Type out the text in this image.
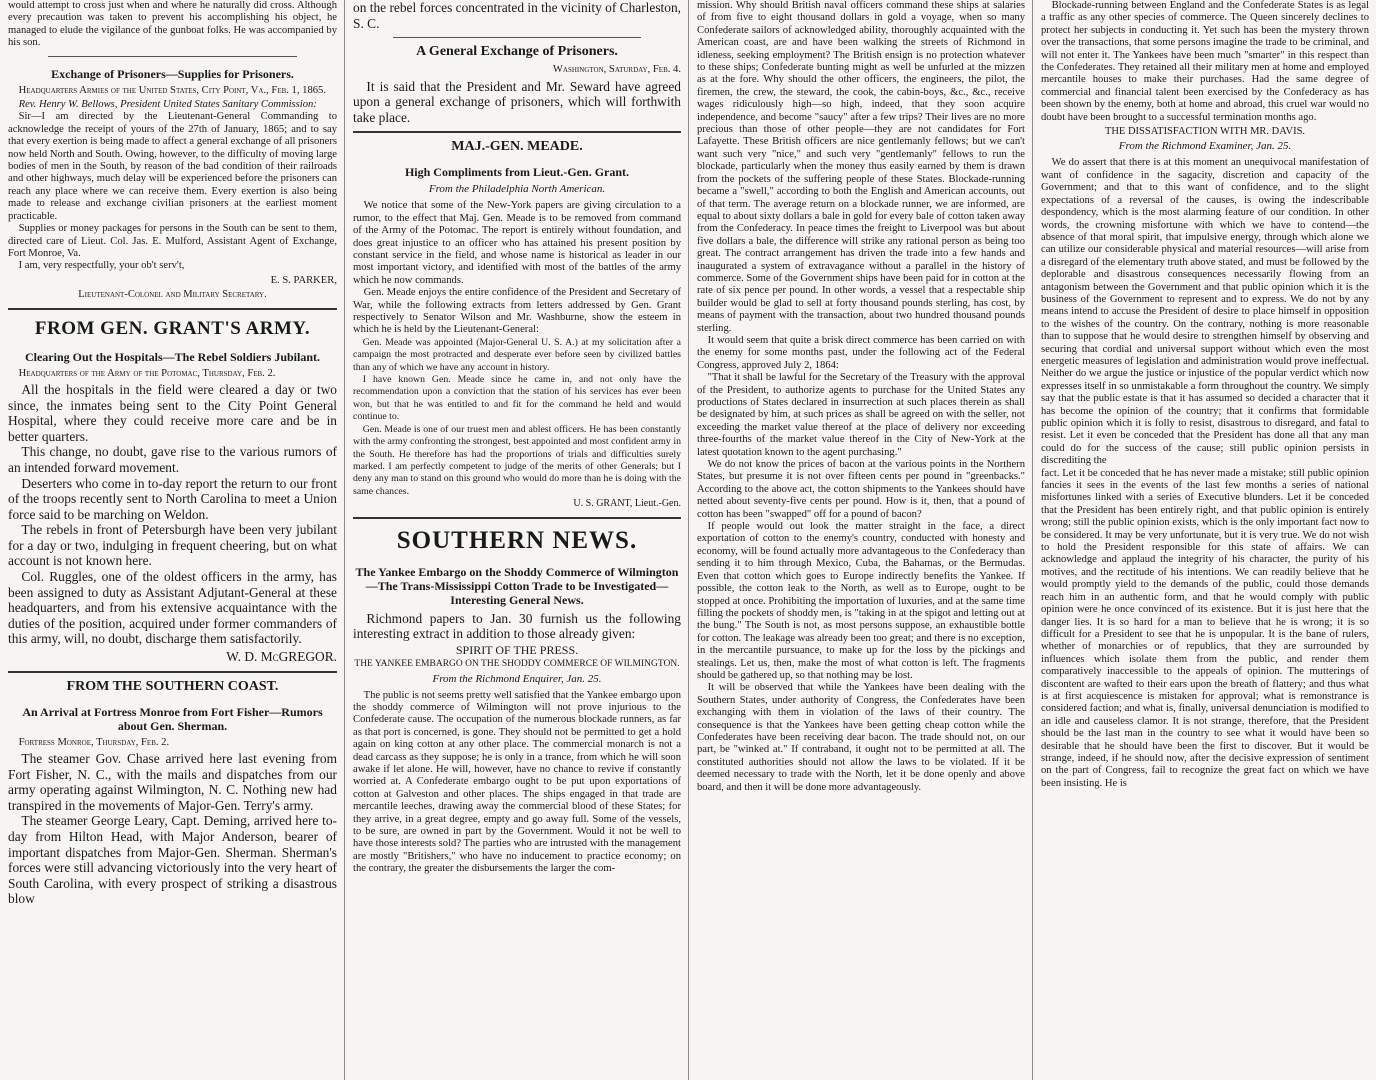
would attempt to cross just when and where he naturally did cross. Although every precaution was taken to prevent his accomplishing his object, he managed to elude the vigilance of the gunboat folks. He was accompanied by his son.

Exchange of Prisoners—Supplies for Prisoners.
Headquarters Armies of the United States, City Point, Va., Feb. 1, 1865.

Rev. Henry W. Bellows, President United States Sanitary Commission:

Sir—I am directed by the Lieutenant-General Commanding to acknowledge the receipt of yours of the 27th of January, 1865; and to say that every exertion is being made to affect a general exchange of all prisoners now held North and South. Owing, however, to the difficulty of moving large bodies of men in the South, by reason of the bad condition of their railroads and other highways, much delay will be experienced before the prisoners can reach any place where we can receive them. Every exertion is also being made to release and exchange civilian prisoners at the earliest moment practicable.

Supplies or money packages for persons in the South can be sent to them, directed care of Lieut. Col. Jas. E. Mulford, Assistant Agent of Exchange, Fort Monroe, Va.

I am, very respectfully, your ob't serv't,

E. S. PARKER,
Lieutenant-Colonel and Military Secretary.
FROM GEN. GRANT'S ARMY.
Clearing Out the Hospitals—The Rebel Soldiers Jubilant.
Headquarters of the Army of the Potomac, Thursday, Feb. 2.

All the hospitals in the field were cleared a day or two since, the inmates being sent to the City Point General Hospital, where they could receive more care and be in better quarters.

This change, no doubt, gave rise to the various rumors of an intended forward movement.

Deserters who come in to-day report the return to our front of the troops recently sent to North Carolina to meet a Union force said to be marching on Weldon.

The rebels in front of Petersburgh have been very jubilant for a day or two, indulging in frequent cheering, but on what account is not known here.

Col. Ruggles, one of the oldest officers in the army, has been assigned to duty as Assistant Adjutant-General at these headquarters, and from his extensive acquaintance with the duties of the position, acquired under former commanders of this army, will, no doubt, discharge them satisfactorily.

W. D. McGREGOR.
FROM THE SOUTHERN COAST.
An Arrival at Fortress Monroe from Fort Fisher—Rumors about Gen. Sherman.
Fortress Monroe, Thursday, Feb. 2.

The steamer Gov. Chase arrived here last evening from Fort Fisher, N. C., with the mails and dispatches from our army operating against Wilmington, N. C. Nothing new had transpired in the movements of Major-Gen. Terry's army.

The steamer George Leary, Capt. Deming, arrived here to-day from Hilton Head, with Major Anderson, bearer of important dispatches from Major-Gen. Sherman. Sherman's forces were still advancing victoriously into the very heart of South Carolina, with every prospect of striking a disastrous blow

on the rebel forces concentrated in the vicinity of Charleston, S. C.

A General Exchange of Prisoners.
Washington, Saturday, Feb. 4.

It is said that the President and Mr. Seward have agreed upon a general exchange of prisoners, which will forthwith take place.

MAJ.-GEN. MEADE.
High Compliments from Lieut.-Gen. Grant.
From the Philadelphia North American.

We notice that some of the New-York papers are giving circulation to a rumor, to the effect that Maj. Gen. Meade is to be removed from command of the Army of the Potomac. The report is entirely without foundation, and does great injustice to an officer who has attained his present position by constant service in the field, and whose name is historical as leader in our most important victory, and identified with most of the battles of the army which he now commands.

Gen. Meade enjoys the entire confidence of the President and Secretary of War, while the following extracts from letters addressed by Gen. Grant respectively to Senator Wilson and Mr. Washburne, show the esteem in which he is held by the Lieutenant-General:

Gen. Meade was appointed (Major-General U. S. A.) at my solicitation after a campaign the most protracted and desperate ever before seen by civilized battles than any of which we have any account in history.

I have known Gen. Meade since he came in, and not only have the recommendation upon a conviction that the station of his services has ever been won, but that he was entitled to and fit for the command he held and would continue to.

Gen. Meade is one of our truest men and ablest officers. He has been constantly with the army confronting the strongest, best appointed and most confident army in the South. He therefore has had the proportions of trials and difficulties surely marked. I am perfectly competent to judge of the merits of other Generals; but I deny any man to stand on this ground who would do more than he is doing with the same chances.

U. S. GRANT, Lieut.-Gen.
SOUTHERN NEWS.
The Yankee Embargo on the Shoddy Commerce of Wilmington—The Trans-Mississippi Cotton Trade to be Investigated—Interesting General News.

Richmond papers to Jan. 30 furnish us the following interesting extract in addition to those already given:

SPIRIT OF THE PRESS.
THE YANKEE EMBARGO ON THE SHODDY COMMERCE OF WILMINGTON.
From the Richmond Enquirer, Jan. 25.

The public is not seems pretty well satisfied that the Yankee embargo upon the shoddy commerce of Wilmington will not prove injurious to the Confederate cause. The occupation of the numerous blockade runners, as far as that port is concerned, is gone. They should not be permitted to get a hold again on king cotton at any other place. The commercial monarch is not a dead carcass as they suppose; he is only in a trance, from which he will soon awake if let alone. He will, however, have no chance to revive if constantly worried at. A Confederate embargo ought to be put upon exportations of cotton at Galveston and other places. The ships engaged in that trade are mercantile leeches, drawing away the commercial blood of these States; for they arrive, in a great degree, empty and go away full. Some of the vessels, to be sure, are owned in part by the Government. Would it not be well to have those interests sold? The parties who are intrusted with the management are mostly "Britishers," who have no inducement to practice economy; on the contrary, the greater the disbursements the larger the com-

mission. Why should British naval officers command these ships at salaries of from five to eight thousand dollars in gold a voyage, when so many Confederate sailors of acknowledged ability, thoroughly acquainted with the American coast, are and have been walking the streets of Richmond in idleness, seeking employment? The British ensign is no protection whatever to these ships; Confederate bunting might as well be unfurled at the mizzen as at the fore. Why should the other officers, the engineers, the pilot, the firemen, the crew, the steward, the cook, the cabin-boys, &c., &c., receive wages ridiculously high—so high, indeed, that they soon acquire independence, and become "saucy" after a few trips? Their lives are no more precious than those of other people—they are not candidates for Fort Lafayette. These British officers are nice gentlemanly fellows; but we can't want such very "nice," and such very "gentlemanly" fellows to run the blockade, particularly when the money thus easily earned by them is drawn from the pockets of the suffering people of these States. Blockade-running became a "swell," according to both the English and American accounts, out of that term. The average return on a blockade runner, we are informed, are equal to about sixty dollars a bale in gold for every bale of cotton taken away from the Confederacy. In peace times the freight to Liverpool was but about five dollars a bale, the difference will strike any rational person as being too great. The contract arrangement has driven the trade into a few hands and inaugurated a system of extravagance without a parallel in the history of commerce. Some of the Government ships have been paid for in cotton at the rate of six pence per pound. In other words, a vessel that a respectable ship builder would be glad to sell at forty thousand pounds sterling, has cost, by means of payment with the transaction, about two hundred thousand pounds sterling.

It would seem that quite a brisk direct commerce has been carried on with the enemy for some months past, under the following act of the Federal Congress, approved July 2, 1864:

"That it shall be lawful for the Secretary of the Treasury with the approval of the President, to authorize agents to purchase for the United States any productions of States declared in insurrection at such places therein as shall be designated by him, at such prices as shall be agreed on with the seller, not exceeding the market value thereof at the place of delivery nor exceeding three-fourths of the market value thereof in the City of New-York at the latest quotation known to the agent purchasing."

We do not know the prices of bacon at the various points in the Northern States, but presume it is not over fifteen cents per pound in "greenbacks." According to the above act, the cotton shipments to the Yankees should have netted about seventy-five cents per pound. How is it, then, that a pound of cotton has been "swapped" off for a pound of bacon?

If people would out look the matter straight in the face, a direct exportation of cotton to the enemy's country, conducted with honesty and economy, will be found actually more advantageous to the Confederacy than sending it to him through Mexico, Cuba, the Bahamas, or the Bermudas. Even that cotton which goes to Europe indirectly benefits the Yankee. If possible, the cotton leak to the North, as well as to Europe, ought to be stopped at once. Prohibiting the importation of luxuries, and at the same time filling the pockets of shoddy men, is "taking in at the spigot and letting out at the bung." The South is not, as most persons suppose, an exhaustible bottle for cotton. The leakage was already been too great; and there is no exception, in the mercantile pursuance, to make up for the loss by the pickings and stealings. Let us, then, make the most of what cotton is left. The fragments should be gathered up, so that nothing may be lost.

It will be observed that while the Yankees have been dealing with the Southern States, under authority of Congress, the Confederates have been exchanging with them in violation of the laws of their country. The consequence is that the Yankees have been getting cheap cotton while the Confederates have been receiving dear bacon. The trade should not, on our part, be "winked at." If contraband, it ought not to be permitted at all. The constituted authorities should not allow the laws to be violated. If it be deemed necessary to trade with the North, let it be done openly and above board, and then it will be done more advantageously.

Blockade-running between England and the Confederate States is as legal a traffic as any other species of commerce. The Queen sincerely declines to protect her subjects in conducting it. Yet such has been the mystery thrown over the transactions, that some persons imagine the trade to be criminal, and will not enter it. The Yankees have been much "smarter" in this respect than the Confederates. They retained all their military men at home and employed mercantile houses to make their purchases. Had the same degree of commercial and financial talent been exercised by the Confederacy as has been shown by the enemy, both at home and abroad, this cruel war would no doubt have been brought to a successful termination months ago.

THE DISSATISFACTION WITH MR. DAVIS.
From the Richmond Examiner, Jan. 25.

We do assert that there is at this moment an unequivocal manifestation of want of confidence in the sagacity, discretion and capacity of the Government; and that to this want of confidence, and to the slight expectations of a reversal of the causes, is owing the indescribable despondency, which is the most alarming feature of our condition. In other words, the crowning misfortune with which we have to contend—the absence of that moral spirit, that impulsive energy, through which alone we can utilize our considerable physical and material resources—will arise from a disregard of the elementary truth above stated, and must be followed by the deplorable and disastrous consequences necessarily flowing from an antagonism between the Government and that public opinion which it is the business of the Government to represent and to express. We do not by any means intend to accuse the President of desire to place himself in opposition to the wishes of the country. On the contrary, nothing is more reasonable than to suppose that he would desire to strengthen himself by observing and securing that cordial and universal support without which even the most energetic measures of legislation and administration would prove ineffectual. Neither do we argue the justice or injustice of the popular verdict which now expresses itself in so unmistakable a form throughout the country. We simply say that the public estate is that it has assumed so decided a character that it has become the opinion of the country; that it confirms that formidable public opinion which it is folly to resist, disastrous to disregard, and fatal to resist. Let it even be conceded that the President has done all that any man could do for the success of the cause; still public opinion persists in discrediting the

fact. Let it be conceded that he has never made a mistake; still public opinion fancies it sees in the events of the last few months a series of national misfortunes linked with a series of Executive blunders. Let it be conceded that the President has been entirely right, and that public opinion is entirely wrong; still the public opinion exists, which is the only important fact now to be considered. It may be very unfortunate, but it is very true. We do not wish to hold the President responsible for this state of affairs. We can acknowledge and applaud the integrity of his character, the purity of his motives, and the rectitude of his intentions. We can readily believe that he would promptly yield to the demands of the public, could those demands reach him in an authentic form, and that he would comply with public opinion were he once convinced of its existence. But it is just here that the danger lies. It is so hard for a man to believe that he is wrong; it is so difficult for a President to see that he is unpopular. It is the bane of rulers, whether of monarchies or of republics, that they are surrounded by influences which isolate them from the public, and render them comparatively inaccessible to the appeals of opinion. The mutterings of discontent are wafted to their ears upon the breath of flattery; and thus what is at first acquiescence is mistaken for approval; what is remonstrance is considered faction; and what is, finally, universal denunciation is modified to an idle and causeless clamor. It is not strange, therefore, that the President should be the last man in the country to see what it would have been so desirable that he should have been the first to discover. But it would be strange, indeed, if he should now, after the decisive expression of sentiment on the part of Congress, fail to recognize the great fact on which we have been insisting. He is
